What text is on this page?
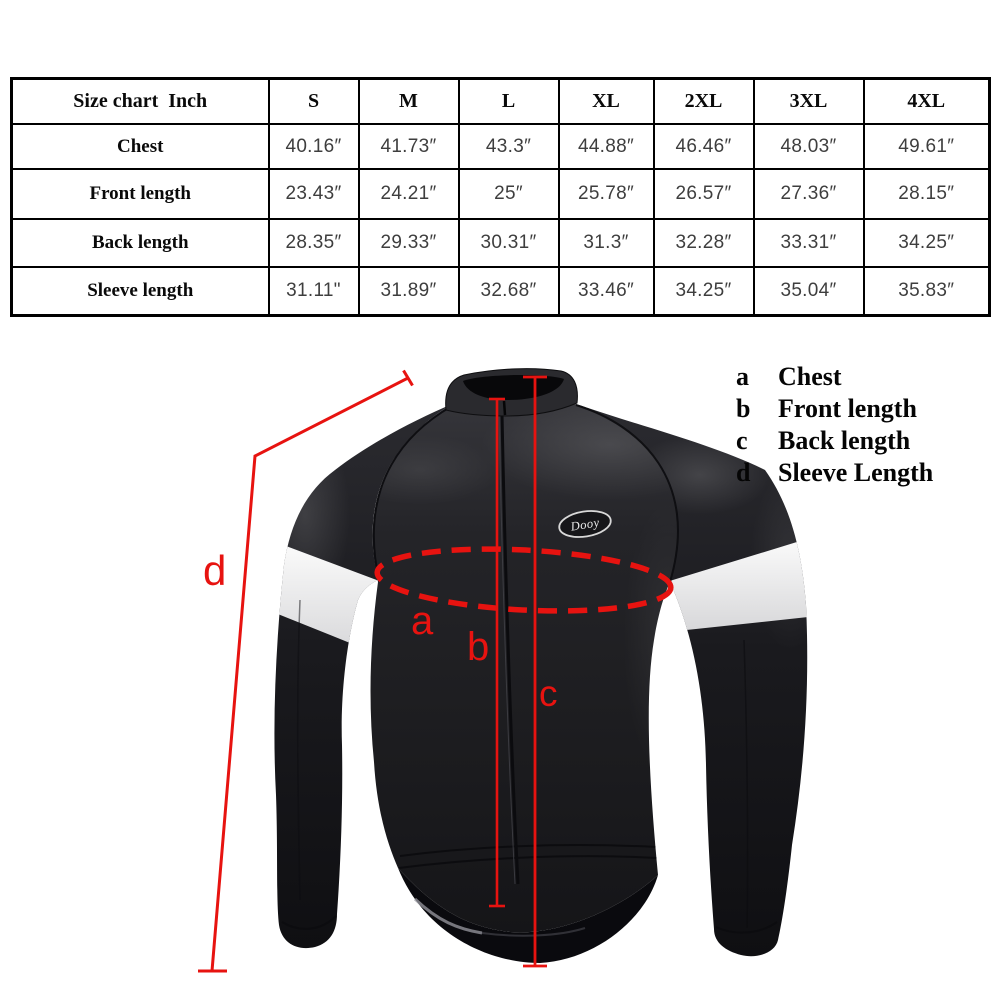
Size chart  Inch	S	M	L	XL	2XL	3XL	4XL
Chest	40.16″	41.73″	43.3″	44.88″	46.46″	48.03″	49.61″
Front length	23.43″	24.21″	25″	25.78″	26.57″	27.36″	28.15″
Back length	28.35″	29.33″	30.31″	31.3″	32.28″	33.31″	34.25″
Sleeve length	31.11"	31.89″	32.68″	33.46″	34.25″	35.04″	35.83″
Dooy
a
b
c
d
a	Chest
b	Front length
c	Back length
d	Sleeve Length
